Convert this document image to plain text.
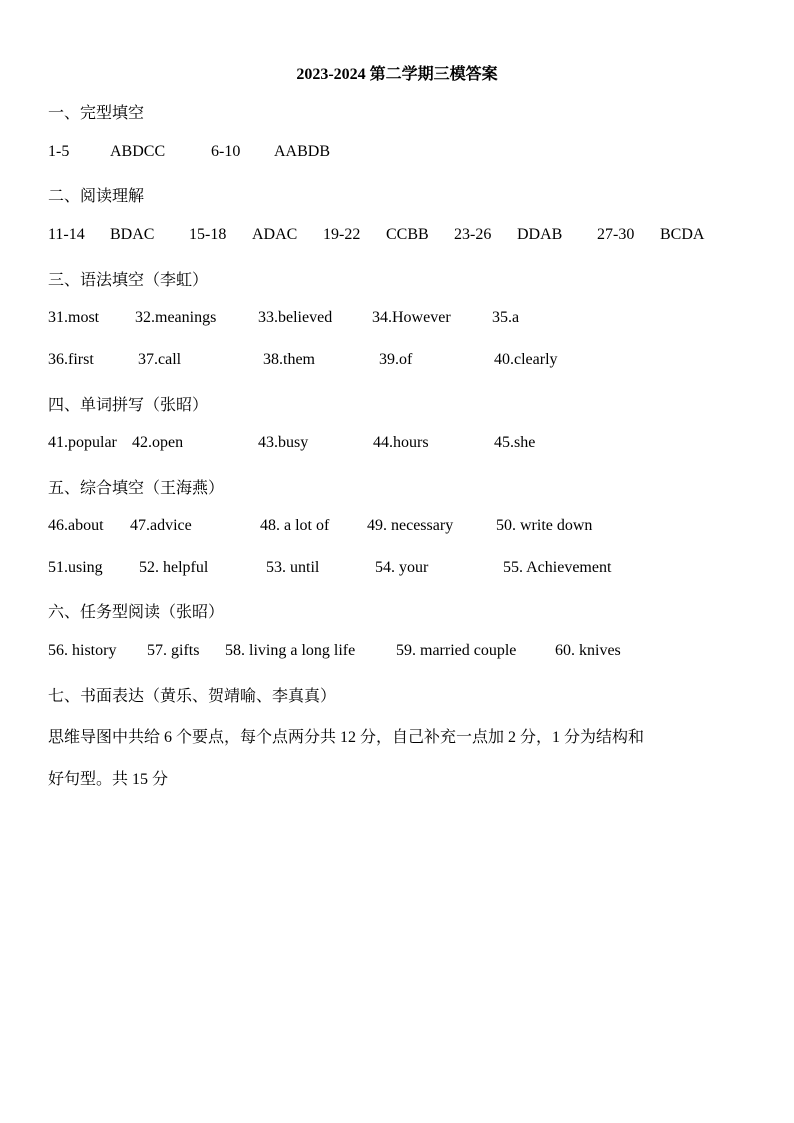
2023-2024 第二学期三模答案
一、完型填空
1-5	ABDCC	6-10 AABDB
二、阅读理解
11-14 BDAC 15-18 ADAC 19-22 CCBB 23-26 DDAB 27-30 BCDA
三、语法填空（李虹）
31.most 32.meanings	33.believed 34.However	35.a
36.first	37.call	38.them	39.of	40.clearly
四、单词拼写（张昭）
41.popular 42.open	43.busy	44.hours	45.she
五、综合填空（王海燕）
46.about 47.advice	48. a lot of 49. necessary	50. write down
51.using 52. helpful	53. until	54. your	55. Achievement
六、任务型阅读（张昭）
56. history 57. gifts 58. living a long life	59. married couple 60. knives
七、书面表达（黄乐、贺靖喻、李真真）
思维导图中共给 6 个要点，每个点两分共 12 分，自己补充一点加 2 分，1 分为结构和
好句型。共 15 分
